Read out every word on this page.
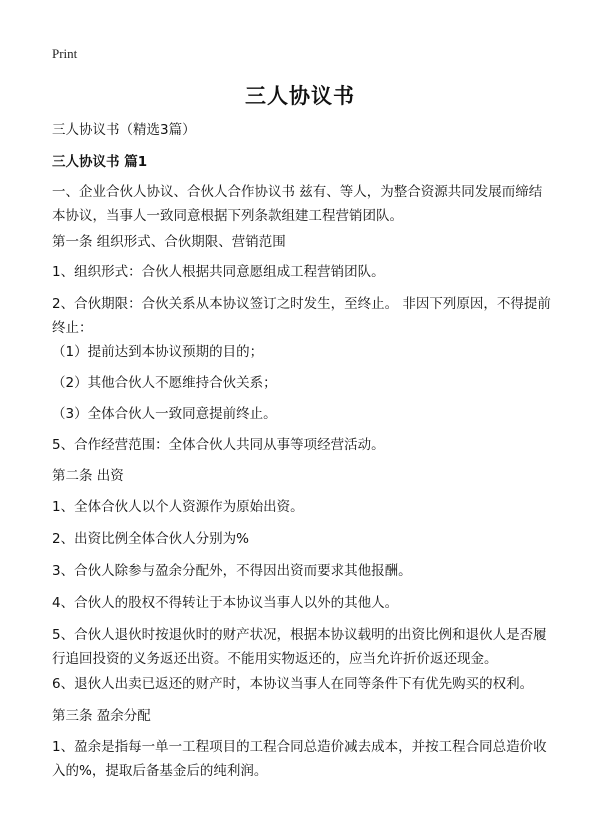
Print
三人协议书

三人协议书（精选3篇）

三人协议书 篇1

一、企业合伙人协议、合伙人合作协议书 兹有、等人，为整合资源共同发展而缔结本协议，当事人一致同意根据下列条款组建工程营销团队。

第一条 组织形式、合伙期限、营销范围

1、组织形式：合伙人根据共同意愿组成工程营销团队。

2、合伙期限：合伙关系从本协议签订之时发生，至终止。 非因下列原因，不得提前终止：

（1）提前达到本协议预期的目的；

（2）其他合伙人不愿维持合伙关系；

（3）全体合伙人一致同意提前终止。

5、合作经营范围：全体合伙人共同从事等项经营活动。

第二条 出资

1、全体合伙人以个人资源作为原始出资。

2、出资比例全体合伙人分别为%

3、合伙人除参与盈余分配外，不得因出资而要求其他报酬。

4、合伙人的股权不得转让于本协议当事人以外的其他人。

5、合伙人退伙时按退伙时的财产状况，根据本协议载明的出资比例和退伙人是否履行追回投资的义务返还出资。不能用实物返还的，应当允许折价返还现金。

6、退伙人出卖已返还的财产时，本协议当事人在同等条件下有优先购买的权利。

第三条 盈余分配

1、盈余是指每一单一工程项目的工程合同总造价减去成本，并按工程合同总造价收入的%，提取后备基金后的纯利润。
